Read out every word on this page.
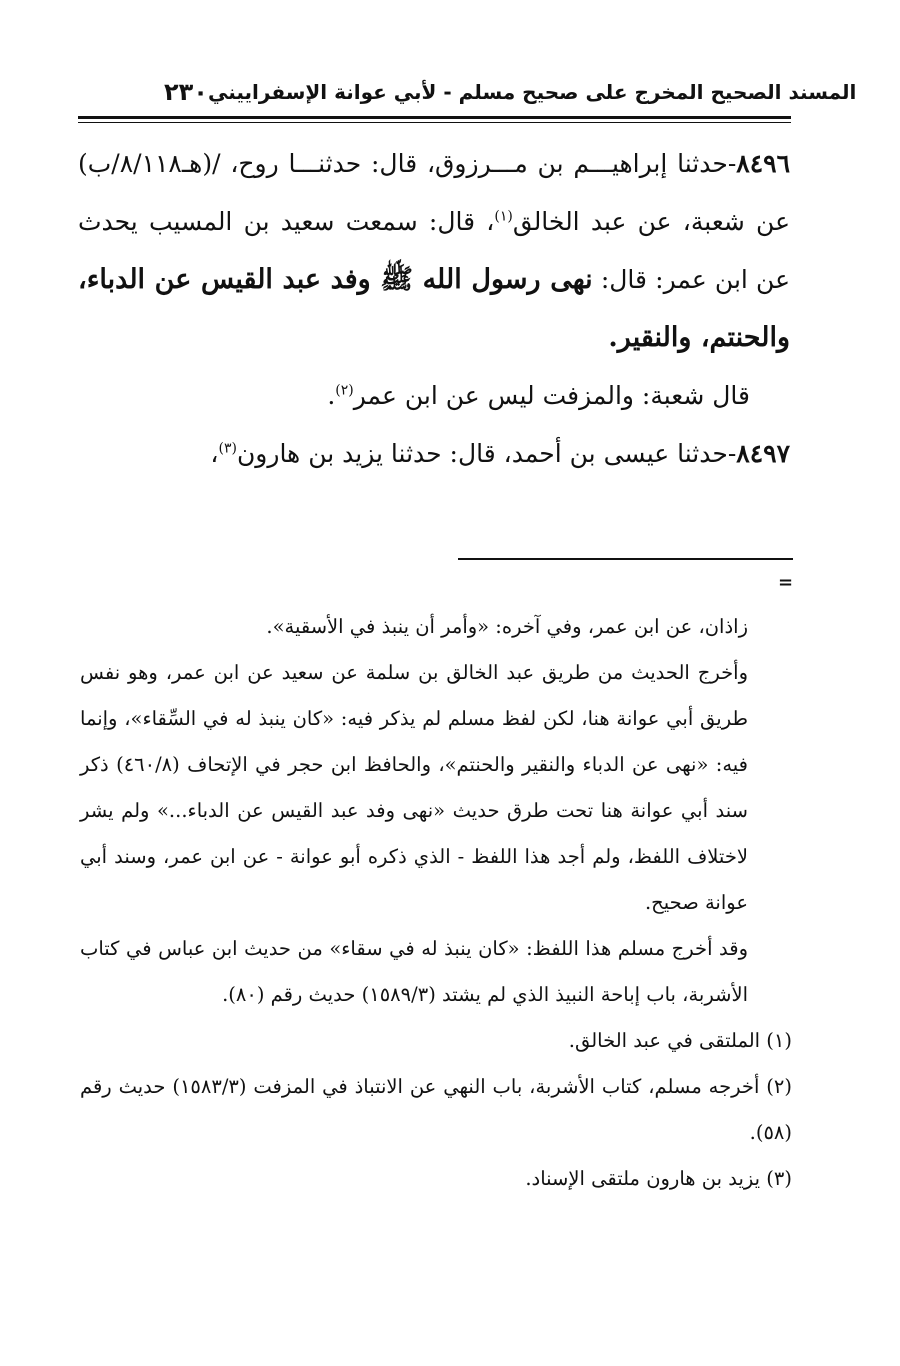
٢٣٠ المسند الصحيح المخرج على صحيح مسلم - لأبي عوانة الإسفراييني

٨٤٩٦-حدثنا إبراهيـــم بن مـــرزوق، قال: حدثنـــا روح، /(هـ٨/١١٨/ب) عن شعبة، عن عبد الخالق$^{(١)}$، قال: سمعت سعيد بن المسيب يحدث عن ابن عمر: قال: نهى رسول الله ﷺ وفد عبد القيس عن الدباء، والحنتم، والنقير.

قال شعبة: والمزفت ليس عن ابن عمر$^{(٢)}$.

٨٤٩٧-حدثنا عيسى بن أحمد، قال: حدثنا يزيد بن هارون$^{(٣)}$،

=

زاذان، عن ابن عمر، وفي آخره: «وأمر أن ينبذ في الأسقية».

وأخرج الحديث من طريق عبد الخالق بن سلمة عن سعيد عن ابن عمر، وهو نفس طريق أبي عوانة هنا، لكن لفظ مسلم لم يذكر فيه: «كان ينبذ له في السِّقاء»، وإنما فيه: «نهى عن الدباء والنقير والحنتم»، والحافظ ابن حجر في الإتحاف (٤٦٠/٨) ذكر سند أبي عوانة هنا تحت طرق حديث «نهى وفد عبد القيس عن الدباء...» ولم يشر لاختلاف اللفظ، ولم أجد هذا اللفظ - الذي ذكره أبو عوانة - عن ابن عمر، وسند أبي عوانة صحيح.

وقد أخرج مسلم هذا اللفظ: «كان ينبذ له في سقاء» من حديث ابن عباس في كتاب الأشربة، باب إباحة النبيذ الذي لم يشتد (١٥٨٩/٣) حديث رقم (٨٠).

(١) الملتقى في عبد الخالق.

(٢) أخرجه مسلم، كتاب الأشربة، باب النهي عن الانتباذ في المزفت (١٥٨٣/٣) حديث رقم (٥٨).

(٣) يزيد بن هارون ملتقى الإسناد.
